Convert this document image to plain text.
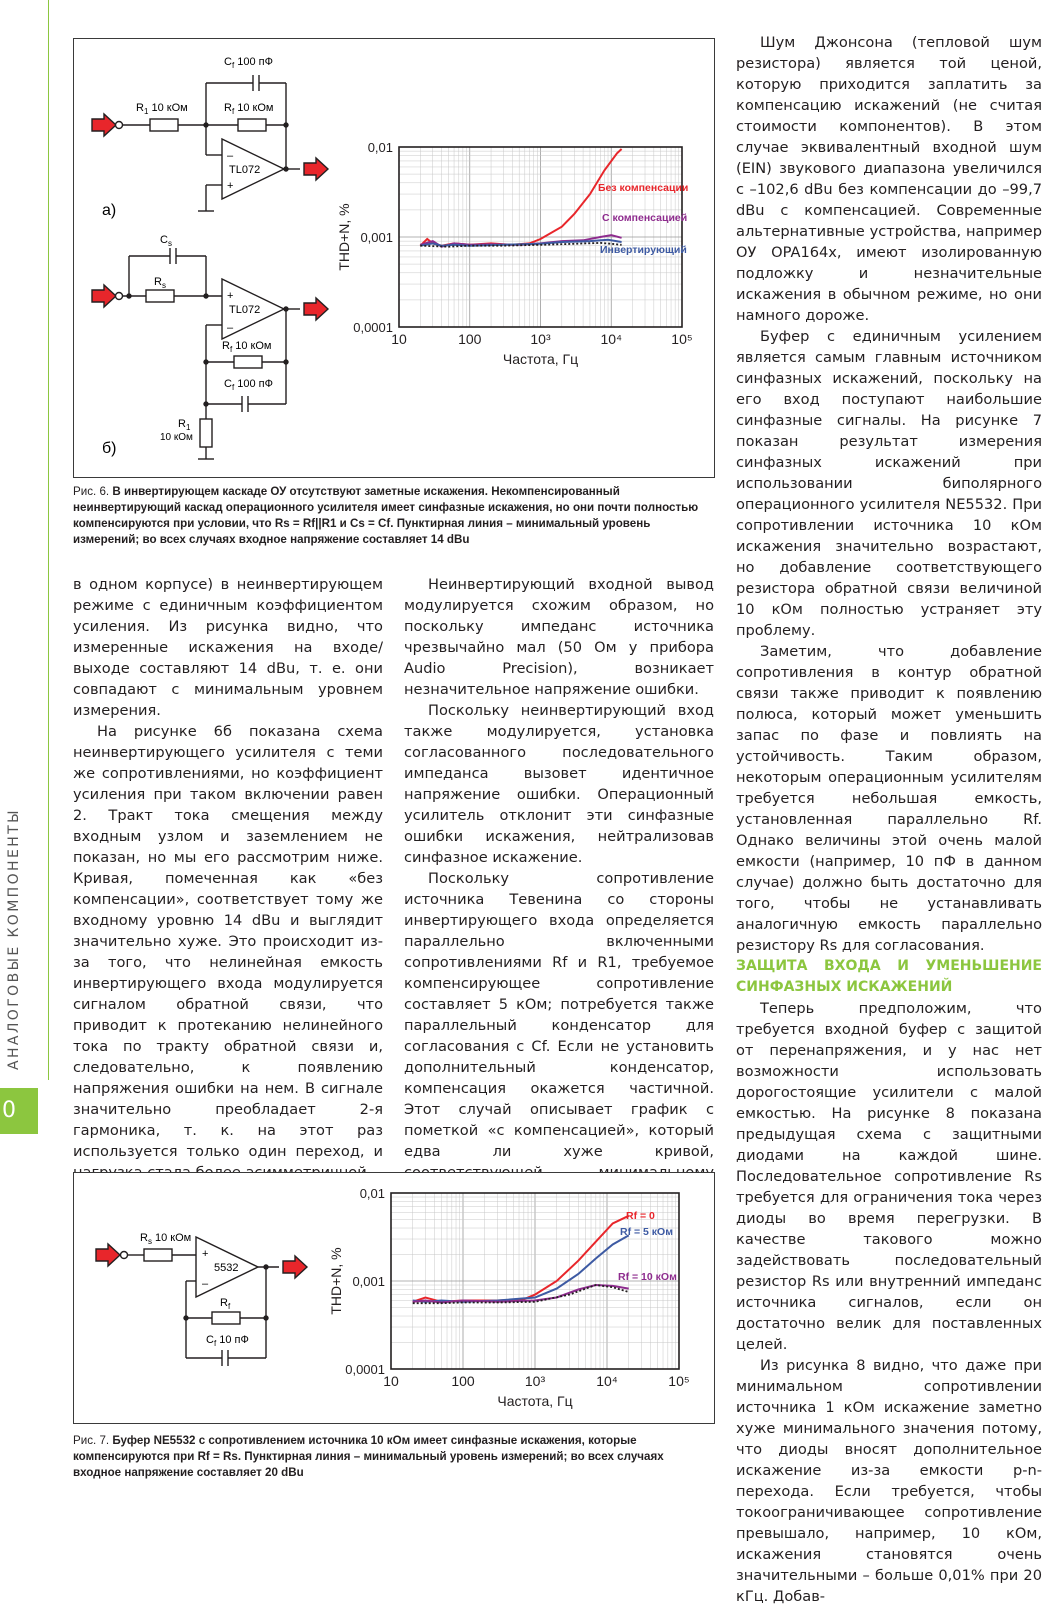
АНАЛОГОВЫЕ КОМПОНЕНТЫ
0
$C_f$ 100 пФ
$R_1$ 10 кОм	$R_f$ 10 кОм
–
+
TL072
а)
$C_s$
$R_s$
+
–
TL072
$R_f$ 10 кОм
$C_f$ 100 пФ
$R_1$
10 кОм
б)
10	100	10³	10⁴	10⁵
0,01
0,001
0,0001
Частота, Гц
THD+N, %
Без компенсации
С компенсацией
Инвертирующий
Рис. 6. В инвертирующем каскаде ОУ отсутствуют заметные искажения. Некомпенсированный неинвертирующий каскад операционного усилителя имеет синфазные искажения, но они почти полностью компенсируются при условии, что Rs = Rf||R1 и Cs = Cf. Пунктирная линия – минимальный уровень измерений; во всех случаях входное напряжение составляет 14 dBu

в одном корпусе) в неинвертирующем режиме с единичным коэффициентом усиления. Из рисунка видно, что измеренные искажения на входе/выходе составляют 14 dBu, т. е. они совпадают с минимальным уровнем измерения.

На рисунке 6б показана схема неинвертирующего усилителя с теми же сопротивлениями, но коэффициент усиления при таком включении равен 2. Тракт тока смещения между входным узлом и заземлением не показан, но мы его рассмотрим ниже. Кривая, помеченная как «без компенсации», соответствует тому же входному уровню 14 dBu и выглядит значительно хуже. Это происходит из-за того, что нелинейная емкость инвертирующего входа модулируется сигналом обратной связи, что приводит к протеканию нелинейного тока по тракту обратной связи и, следовательно, к появлению напряжения ошибки на нем. В сигнале значительно преобладает 2-я гармоника, т. к. на этот раз используется только один переход, и

Неинвертирующий входной вывод модулируется схожим образом, но поскольку импеданс источника чрезвычайно мал (50 Ом у прибора Audio Precision), возникает незначительное напряжение ошибки.

Поскольку неинвертирующий вход также модулируется, установка согласованного последовательного импеданса вызовет идентичное напряжение ошибки. Операционный усилитель отклонит эти синфазные ошибки искажения, нейтрализовав синфазное искажение.

Поскольку сопротивление источника Тевенина со стороны инвертирующего входа определяется параллельно включенными сопротивлениями Rf и R1, требуемое компенсирующее сопротивление составляет 5 кОм; потребуется также параллельный конденсатор для согласования с Cf. Если не установить дополнительный конденсатор, компенсация окажется частичной. Этот случай описывает график с пометкой «с компенсацией», который едва ли хуже кривой,

$R_s$ 10 кОм
+
–
5532
$R_f$
$C_f$ 10 пФ
10	100	10³	10⁴	10⁵
0,01
0,001
0,0001
Частота, Гц
THD+N, %
Rf = 0
Rf = 5 кОм
Rf = 10 кОм
Рис. 7. Буфер NE5532 с сопротивлением источника 10 кОм имеет синфазные искажения, которые компенсируются при Rf = Rs. Пунктирная линия – минимальный уровень измерений; во всех случаях входное напряжение составляет 20 dBu

Шум Джонсона (тепловой шум резистора) является той ценой, которую приходится заплатить за компенсацию искажений (не считая стоимости компонентов). В этом случае эквивалентный входной шум (EIN) звукового диапазона увеличился с –102,6 dBu без компенсации до –99,7 dBu с компенсацией. Современные альтернативные устройства, например ОУ OPA164x, имеют изолированную подложку и незначительные искажения в обычном режиме, но они намного дороже.

Буфер с единичным усилением является самым главным источником синфазных искажений, поскольку на его вход поступают наибольшие синфазные сигналы. На рисунке 7 показан результат измерения синфазных искажений при использовании биполярного операционного усилителя NE5532. При сопротивлении источника 10 кОм искажения значительно возрастают, но добавление соответствующего резистора обратной связи величиной 10 кОм полностью устраняет эту проблему.

Заметим, что добавление сопротивления в контур обратной связи также приводит к появлению полюса, который может уменьшить запас по фазе и повлиять на устойчивость. Таким образом, некоторым операционным усилителям требуется небольшая емкость, установленная параллельно Rf. Однако величины этой очень малой емкости (например, 10 пФ в данном случае) должно быть достаточно для того, чтобы не устанавливать аналогичную емкость параллельно резистору Rs для согласования.

ЗАЩИТА ВХОДА И УМЕНЬШЕНИЕ СИНФАЗНЫХ ИСКАЖЕНИЙ

Теперь предположим, что требуется входной буфер с защитой от перенапряжения, и у нас нет возможности использовать дорогостоящие усилители с малой емкостью. На рисунке 8 показана предыдущая схема с защитными диодами на каждой шине. Последовательное сопротивление Rs требуется для ограничения тока через диоды во время перегрузки. В качестве такового можно задействовать последовательный резистор Rs или внутренний импеданс источника сигналов, если он достаточно велик для поставленных целей.

Из рисунка 8 видно, что даже при минимальном сопротивлении источника 1 кОм искажение заметно хуже минимального значения потому, что диоды вносят дополнительное искажение из-за емкости p-n-перехода. Если требуется, чтобы токоограничивающее сопротивление превышало, например, 10 кОм, искажения становятся очень значительными – больше 0,01% при 20 кГц. Добав-
